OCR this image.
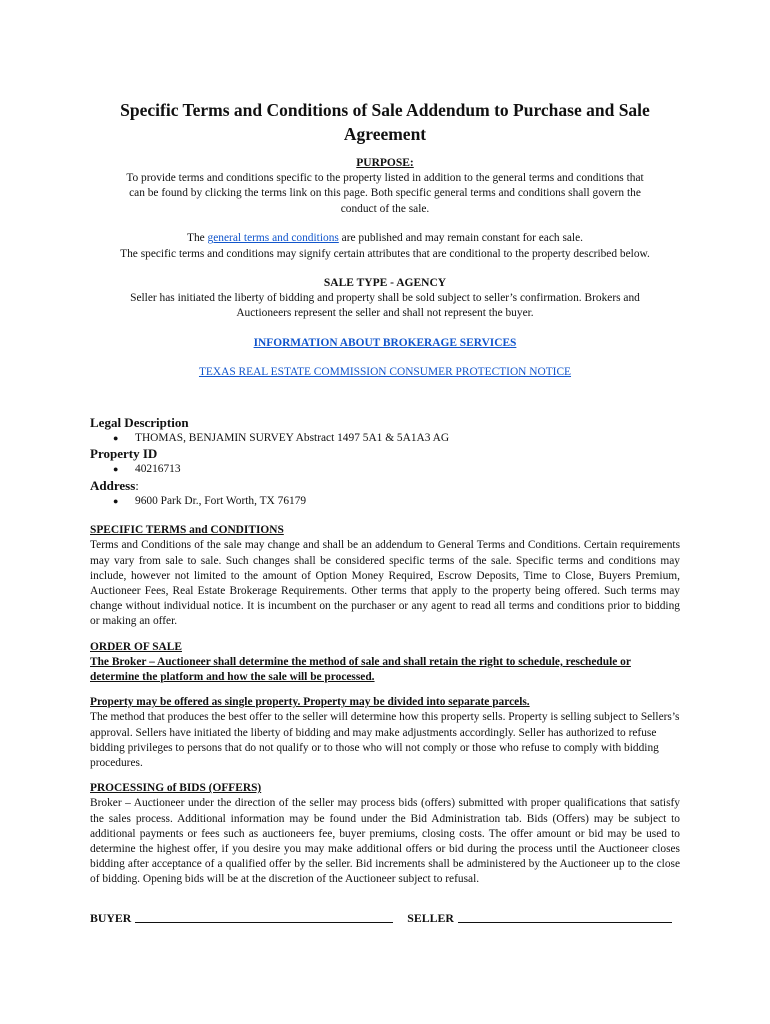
Specific Terms and Conditions of Sale Addendum to Purchase and Sale Agreement

PURPOSE:

To provide terms and conditions specific to the property listed in addition to the general terms and conditions that

can be found by clicking the terms link on this page. Both specific general terms and conditions shall govern the

conduct of the sale.

The general terms and conditions are published and may remain constant for each sale.

The specific terms and conditions may signify certain attributes that are conditional to the property described below.

SALE TYPE - AGENCY

Seller has initiated the liberty of bidding and property shall be sold subject to seller’s confirmation. Brokers and

Auctioneers represent the seller and shall not represent the buyer.

INFORMATION ABOUT BROKERAGE SERVICES

TEXAS REAL ESTATE COMMISSION CONSUMER PROTECTION NOTICE

Legal Description

● THOMAS, BENJAMIN SURVEY Abstract 1497 5A1 & 5A1A3 AG

Property ID

● 40216713

Address:

● 9600 Park Dr., Fort Worth, TX 76179

SPECIFIC TERMS and CONDITIONS

Terms and Conditions of the sale may change and shall be an addendum to General Terms and Conditions. Certain requirements may vary from sale to sale. Such changes shall be considered specific terms of the sale. Specific terms and conditions may include, however not limited to the amount of Option Money Required, Escrow Deposits, Time to Close, Buyers Premium, Auctioneer Fees, Real Estate Brokerage Requirements. Other terms that apply to the property being offered. Such terms may change without individual notice. It is incumbent on the purchaser or any agent to read all terms and conditions prior to bidding or making an offer.

ORDER OF SALE

The Broker – Auctioneer shall determine the method of sale and shall retain the right to schedule, reschedule or determine the platform and how the sale will be processed.

Property may be offered as single property. Property may be divided into separate parcels.

The method that produces the best offer to the seller will determine how this property sells. Property is selling subject to Sellers’s approval. Sellers have initiated the liberty of bidding and may make adjustments accordingly. Seller has authorized to refuse bidding privileges to persons that do not qualify or to those who will not comply or those who refuse to comply with bidding procedures.

PROCESSING of BIDS (OFFERS)

Broker – Auctioneer under the direction of the seller may process bids (offers) submitted with proper qualifications that satisfy the sales process. Additional information may be found under the Bid Administration tab. Bids (Offers) may be subject to additional payments or fees such as auctioneers fee, buyer premiums, closing costs. The offer amount or bid may be used to determine the highest offer, if you desire you may make additional offers or bid during the process until the Auctioneer closes bidding after acceptance of a qualified offer by the seller. Bid increments shall be administered by the Auctioneer up to the close of bidding. Opening bids will be at the discretion of the Auctioneer subject to refusal.

BUYER	SELLER
